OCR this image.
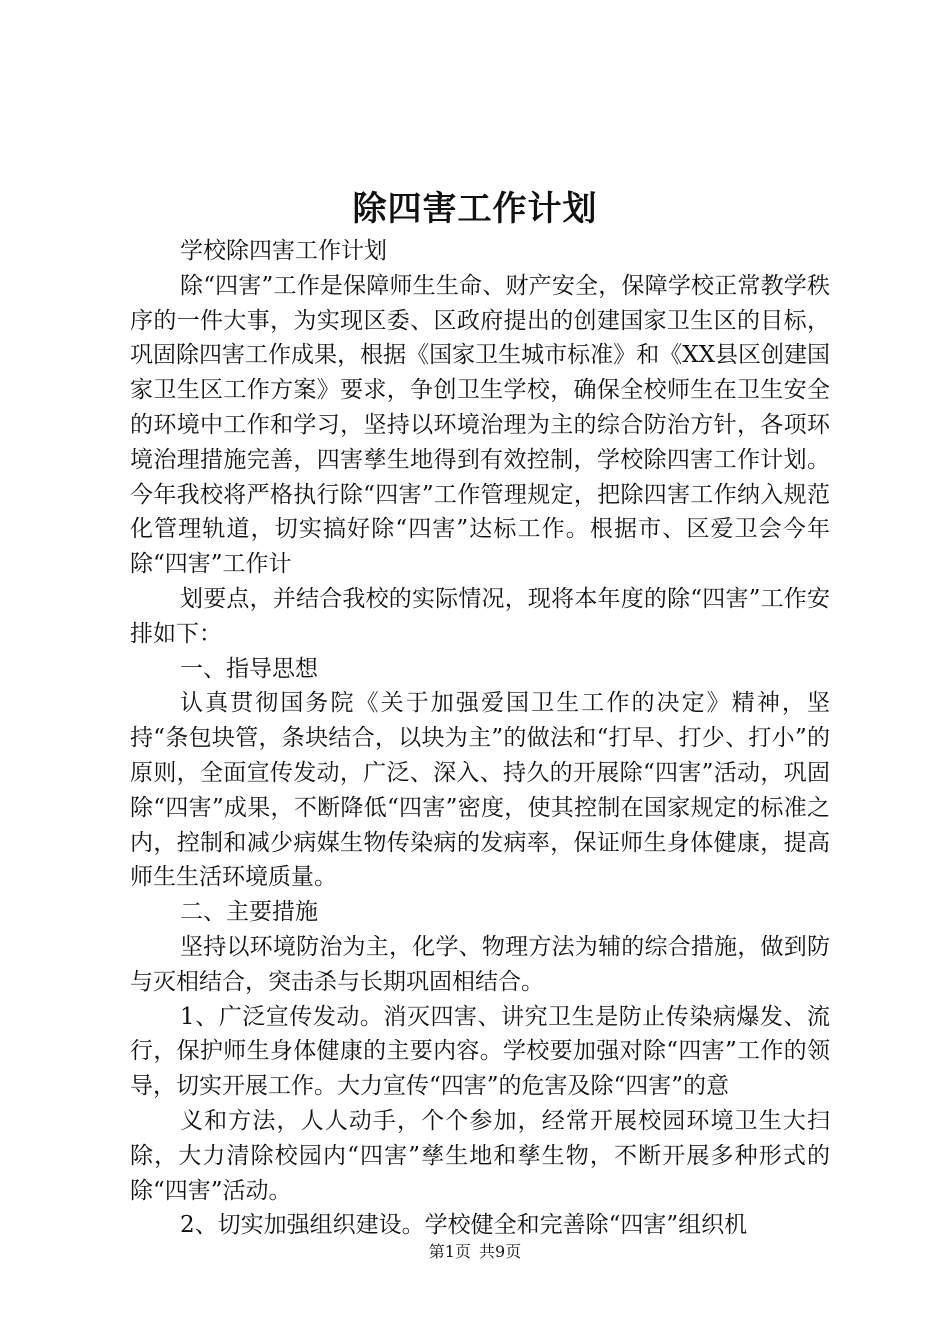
除四害工作计划

学校除四害工作计划

除“四害”工作是保障师生生命、财产安全，保障学校正常教学秩序的一件大事，为实现区委、区政府提出的创建国家卫生区的目标，巩固除四害工作成果，根据《国家卫生城市标准》和《XX县区创建国家卫生区工作方案》要求，争创卫生学校，确保全校师生在卫生安全的环境中工作和学习，坚持以环境治理为主的综合防治方针，各项环境治理措施完善，四害孳生地得到有效控制，学校除四害工作计划。今年我校将严格执行除“四害”工作管理规定，把除四害工作纳入规范化管理轨道，切实搞好除“四害”达标工作。根据市、区爱卫会今年除“四害”工作计

划要点，并结合我校的实际情况，现将本年度的除“四害”工作安排如下：

一、指导思想

认真贯彻国务院《关于加强爱国卫生工作的决定》精神，坚持“条包块管，条块结合，以块为主”的做法和“打早、打少、打小”的原则，全面宣传发动，广泛、深入、持久的开展除“四害”活动，巩固除“四害”成果，不断降低“四害”密度，使其控制在国家规定的标准之内，控制和减少病媒生物传染病的发病率，保证师生身体健康，提高师生生活环境质量。

二、主要措施

坚持以环境防治为主，化学、物理方法为辅的综合措施，做到防与灭相结合，突击杀与长期巩固相结合。

1、广泛宣传发动。消灭四害、讲究卫生是防止传染病爆发、流行，保护师生身体健康的主要内容。学校要加强对除“四害”工作的领导，切实开展工作。大力宣传“四害”的危害及除“四害”的意

义和方法，人人动手，个个参加，经常开展校园环境卫生大扫除，大力清除校园内“四害”孳生地和孳生物，不断开展多种形式的除“四害”活动。

2、切实加强组织建设。学校健全和完善除“四害”组织机

第1页 共9页
